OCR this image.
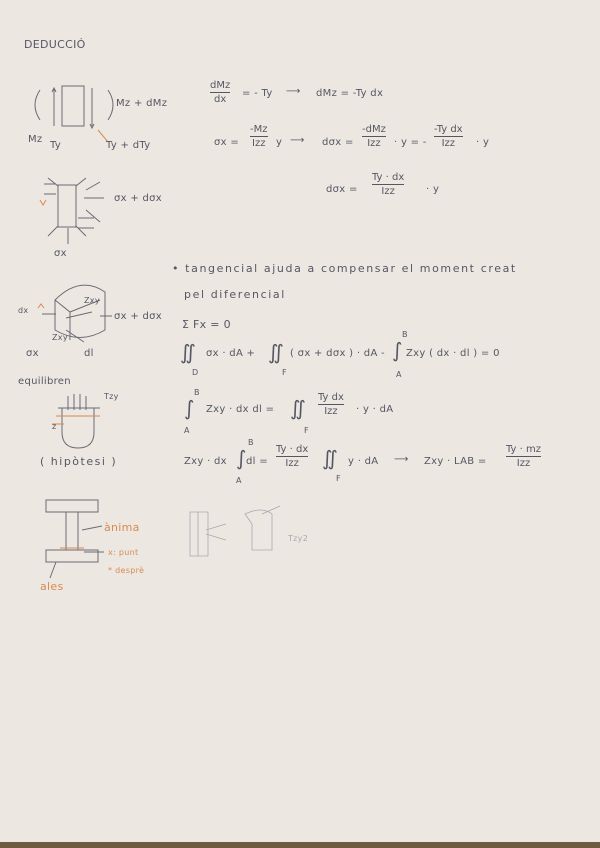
DEDUCCIÓ
Mz + dMz
Mz
Ty	Ty + dTy
dMz
dx
= - Ty ⟶ dMz = -Ty dx
σx =
-Mz
Izz y ⟶ dσx =
-dMz
Izz · y = -
-Ty dx
Izz · y
σx + dσx
σx
dσx =
Ty · dx
Izz	· y
• tangencial ajuda a compensar el moment creat
pel diferencial
dx
Zxy
σx + dσx
Zxy
σx	dl
equilibren
Σ Fx = 0
∬
D
σx · dA + ∬
F
( σx + dσx ) · dA -
B
∫
A
Zxy ( dx · dl ) = 0
Tzy
z
B
∫
A
Zxy · dx dl = ∬
F
Ty dx
Izz · y · dA
( hipòtesi )	Zxy · dx
B
∫
A
dl =
Ty · dx
Izz ∬
F
y · dA ⟶ Zxy · LAB =
Ty · mz
Izz
ànima
x: punt
* desprè
ales
Tzy2
